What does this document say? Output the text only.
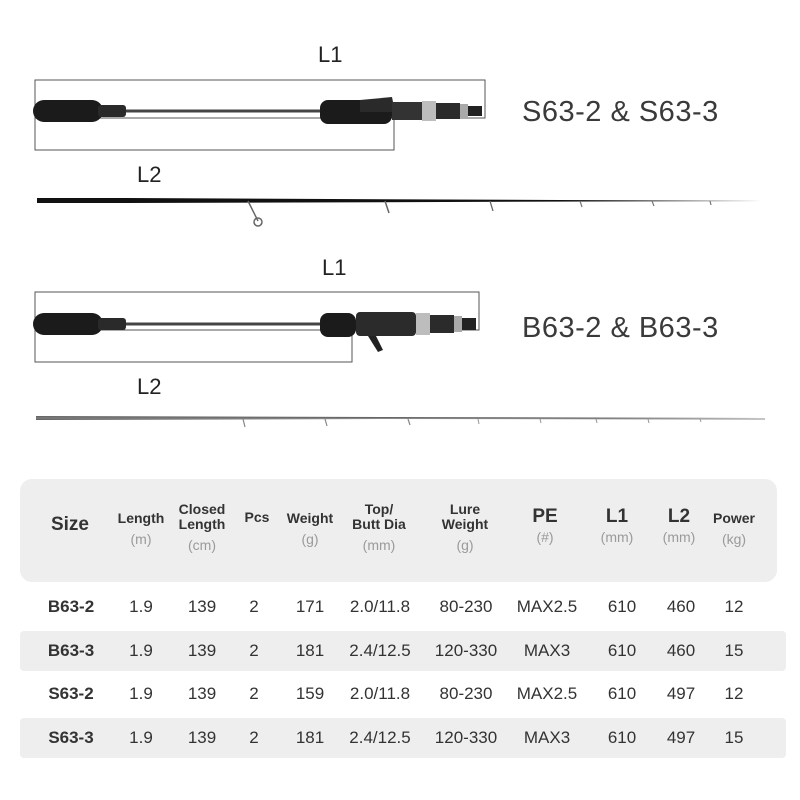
L1
S63-2 & S63-3
L2
L1
B63-2 & B63-3
L2
Size	Length
(m)
Closed Length
(cm)
Pcs	Weight
(g)
Top/ Butt Dia
(mm)
Lure Weight
(g)
PE
(#)
L1
(mm)
L2
(mm)
Power
(kg)
B63-2 1.9 139 2 171 2.0/11.8 80-230 MAX2.5 610 460 12
B63-3 1.9 139 2 181 2.4/12.5 120-330 MAX3 610 460 15
S63-2 1.9 139 2 159 2.0/11.8 80-230 MAX2.5 610 497 12
S63-3 1.9 139 2 181 2.4/12.5 120-330 MAX3 610 497 15
